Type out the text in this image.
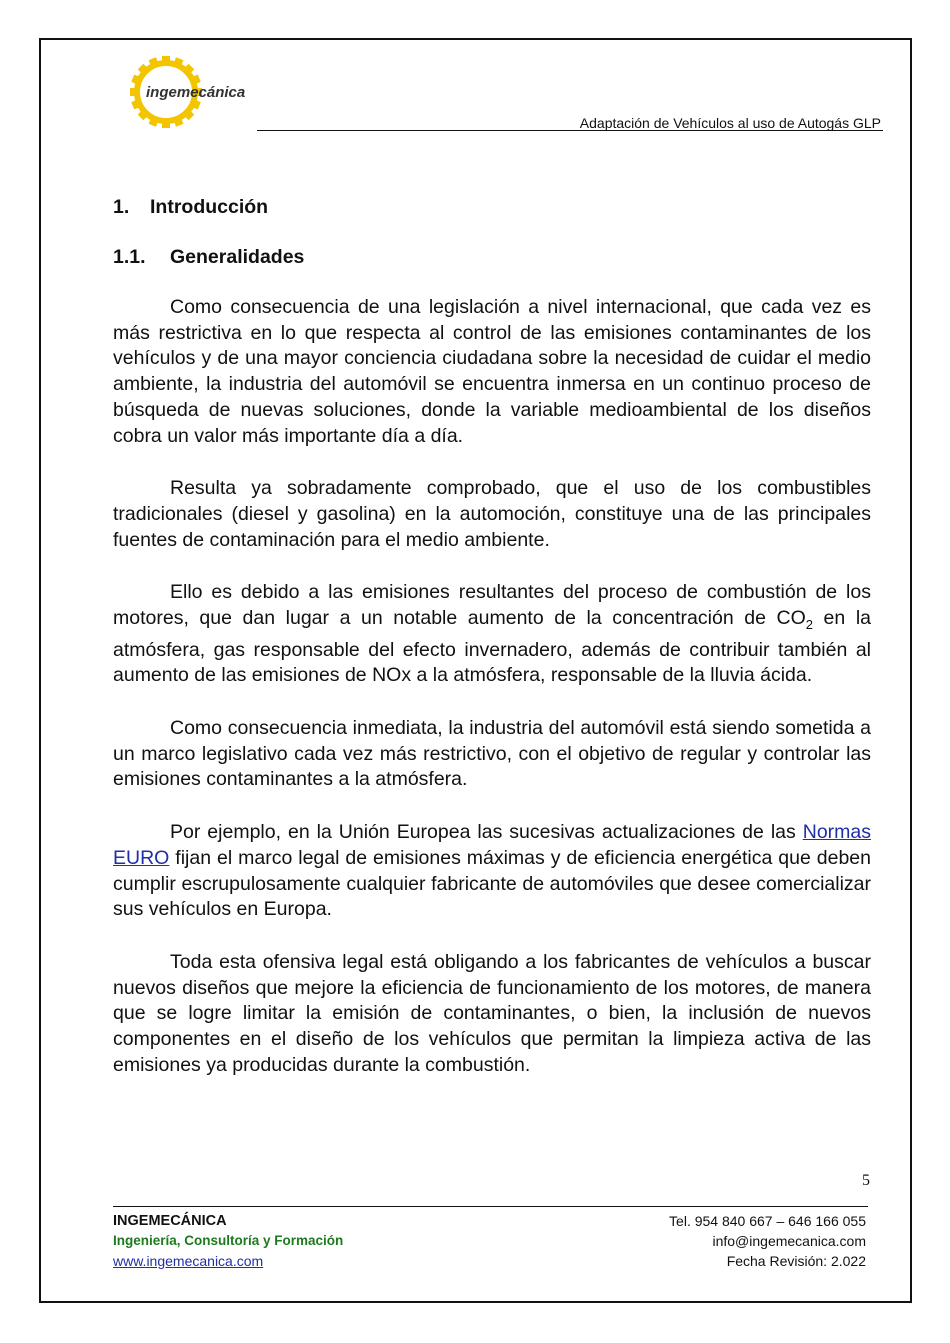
ingemecánica
Adaptación de Vehículos al uso de Autogás GLP
1. Introducción
1.1. Generalidades

Como consecuencia de una legislación a nivel internacional, que cada vez es más restrictiva en lo que respecta al control de las emisiones contaminantes de los vehículos y de una mayor conciencia ciudadana sobre la necesidad de cuidar el medio ambiente, la industria del automóvil se encuentra inmersa en un continuo proceso de búsqueda de nuevas soluciones, donde la variable medioambiental de los diseños cobra un valor más importante día a día.

Resulta ya sobradamente comprobado, que el uso de los combustibles tradicionales (diesel y gasolina) en la automoción, constituye una de las principales fuentes de contaminación para el medio ambiente.

Ello es debido a las emisiones resultantes del proceso de combustión de los motores, que dan lugar a un notable aumento de la concentración de $CO_2$ en la atmósfera, gas responsable del efecto invernadero, además de contribuir también al aumento de las emisiones de NOx a la atmósfera, responsable de la lluvia ácida.

Como consecuencia inmediata, la industria del automóvil está siendo sometida a un marco legislativo cada vez más restrictivo, con el objetivo de regular y controlar las emisiones contaminantes a la atmósfera.

Por ejemplo, en la Unión Europea las sucesivas actualizaciones de las Normas EURO fijan el marco legal de emisiones máximas y de eficiencia energética que deben cumplir escrupulosamente cualquier fabricante de automóviles que desee comercializar sus vehículos en Europa.

Toda esta ofensiva legal está obligando a los fabricantes de vehículos a buscar nuevos diseños que mejore la eficiencia de funcionamiento de los motores, de manera que se logre limitar la emisión de contaminantes, o bien, la inclusión de nuevos componentes en el diseño de los vehículos que permitan la limpieza activa de las emisiones ya producidas durante la combustión.

5
INGEMECÁNICA
Ingeniería, Consultoría y Formación
www.ingemecanica.com
Tel. 954 840 667 – 646 166 055
info@ingemecanica.com
Fecha Revisión: 2.022
